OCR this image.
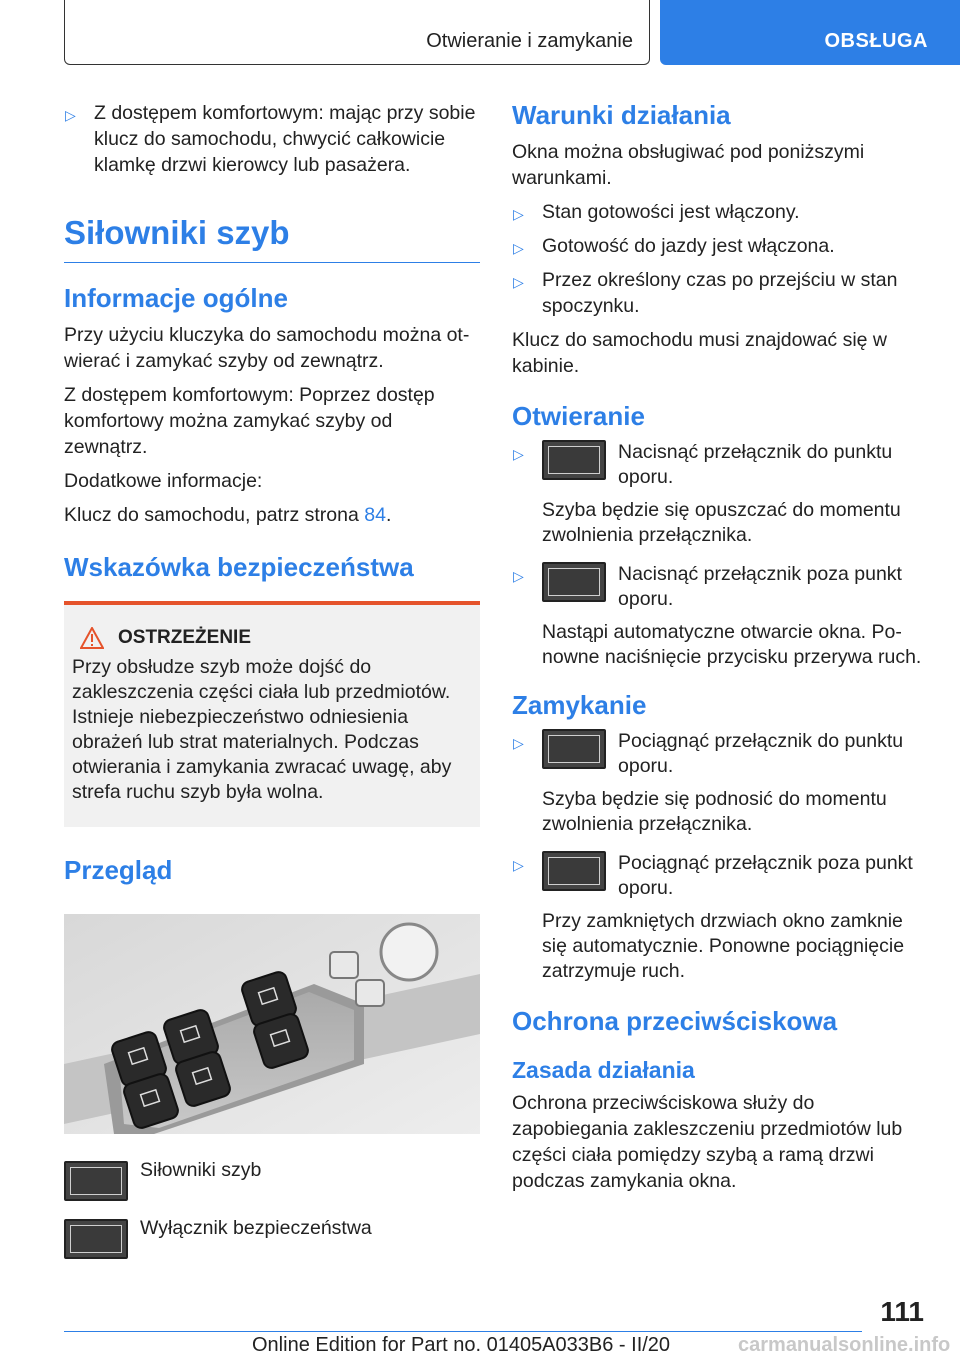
Otwieranie i zamykanie	OBSŁUGA
▷ Z dostępem komfortowym: mając przy sobie klucz do samochodu, chwycić całkowicie klamkę drzwi kierowcy lub pasażera.
Siłowniki szyb
Informacje ogólne

Przy użyciu kluczyka do samochodu można otwierać i zamykać szyby od zewnątrz.

Z dostępem komfortowym: Poprzez dostęp komfortowy można zamykać szyby od zewnątrz.

Dodatkowe informacje:

Klucz do samochodu, patrz strona 84.

Wskazówka bezpieczeństwa
OSTRZEŻENIE
Przy obsłudze szyb może dojść do zakleszczenia części ciała lub przedmiotów. Istnieje niebezpieczeństwo odniesienia obrażeń lub strat materialnych. Podczas otwierania i zamykania zwracać uwagę, aby strefa ruchu szyb była wolna.
Przegląd
Siłowniki szyb
Wyłącznik bezpieczeństwa
Warunki działania

Okna można obsługiwać pod poniższymi warunkami.

▷ Stan gotowości jest włączony.
▷ Gotowość do jazdy jest włączona.
▷ Przez określony czas po przejściu w stan spoczynku.

Klucz do samochodu musi znajdować się w kabinie.

Otwieranie
▷	Nacisnąć przełącznik do punktu oporu.
Szyba będzie się opuszczać do momentu zwolnienia przełącznika.
▷	Nacisnąć przełącznik poza punkt oporu.
Nastąpi automatyczne otwarcie okna. Ponowne naciśnięcie przycisku przerywa ruch.
Zamykanie
▷	Pociągnąć przełącznik do punktu oporu.
Szyba będzie się podnosić do momentu zwolnienia przełącznika.
▷	Pociągnąć przełącznik poza punkt oporu.
Przy zamkniętych drzwiach okno zamknie się automatycznie. Ponowne pociągnięcie zatrzymuje ruch.
Ochrona przeciwściskowa
Zasada działania

Ochrona przeciwściskowa służy do zapobiegania zakleszczeniu przedmiotów lub części ciała pomiędzy szybą a ramą drzwi podczas zamykania okna.

111
Online Edition for Part no. 01405A033B6 - II/20	carmanualsonline.info
